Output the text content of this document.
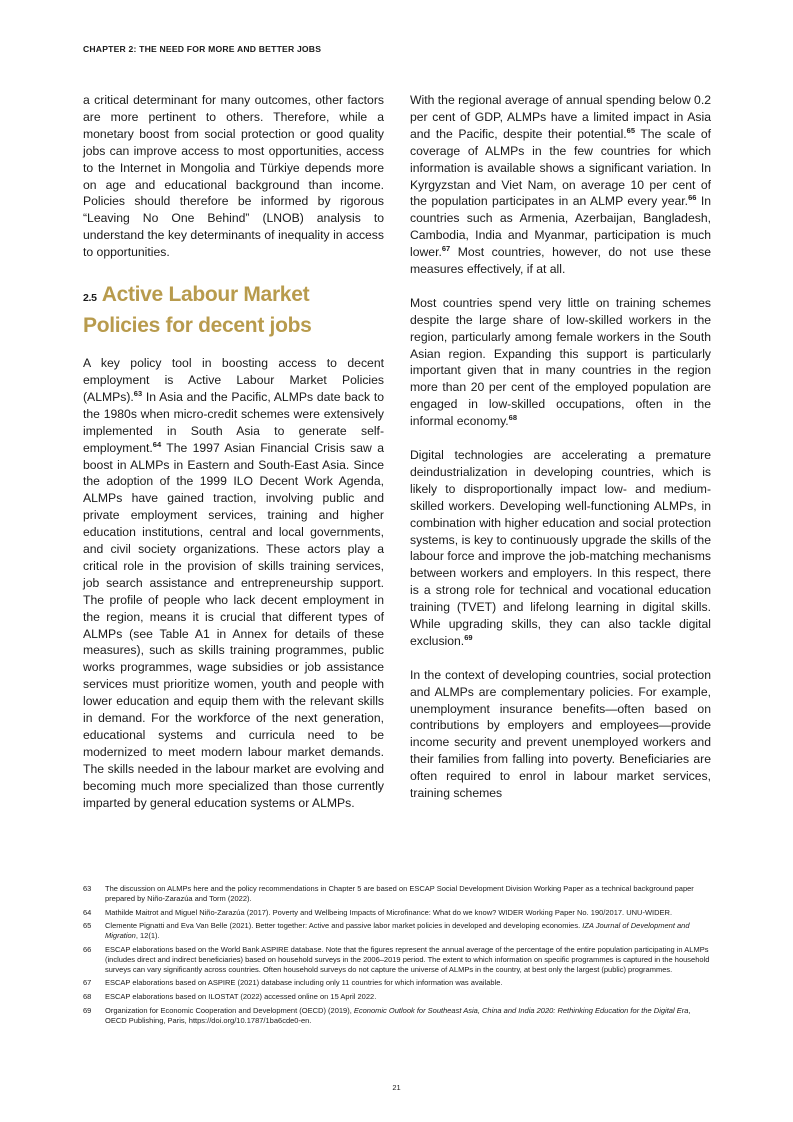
CHAPTER 2: THE NEED FOR MORE AND BETTER JOBS

a critical determinant for many outcomes, other factors are more pertinent to others. Therefore, while a monetary boost from social protection or good quality jobs can improve access to most opportunities, access to the Internet in Mongolia and Türkiye depends more on age and educational background than income. Policies should therefore be informed by rigorous “Leaving No One Behind” (LNOB) analysis to understand the key determinants of inequality in access to opportunities.

2.5 Active Labour Market
Policies for decent jobs

A key policy tool in boosting access to decent employment is Active Labour Market Policies (ALMPs).$^{63}$ In Asia and the Pacific, ALMPs date back to the 1980s when micro-credit schemes were extensively implemented in South Asia to generate self-employment.$^{64}$ The 1997 Asian Financial Crisis saw a boost in ALMPs in Eastern and South-East Asia. Since the adoption of the 1999 ILO Decent Work Agenda, ALMPs have gained traction, involving public and private employment services, training and higher education institutions, central and local governments, and civil society organizations. These actors play a critical role in the provision of skills training services, job search assistance and entrepreneurship support. The profile of people who lack decent employment in the region, means it is crucial that different types of ALMPs (see Table A1 in Annex for details of these measures), such as skills training programmes, public works programmes, wage subsidies or job assistance services must prioritize women, youth and people with lower education and equip them with the relevant skills in demand. For the workforce of the next generation, educational systems and curricula need to be modernized to meet modern labour market demands. The skills needed in the labour market are evolving and becoming much more specialized than those currently imparted by general education systems or ALMPs.

With the regional average of annual spending below 0.2 per cent of GDP, ALMPs have a limited impact in Asia and the Pacific, despite their potential.$^{65}$ The scale of coverage of ALMPs in the few countries for which information is available shows a significant variation. In Kyrgyzstan and Viet Nam, on average 10 per cent of the population participates in an ALMP every year.$^{66}$ In countries such as Armenia, Azerbaijan, Bangladesh, Cambodia, India and Myanmar, participation is much lower.$^{67}$ Most countries, however, do not use these measures effectively, if at all.

Most countries spend very little on training schemes despite the large share of low-skilled workers in the region, particularly among female workers in the South Asian region. Expanding this support is particularly important given that in many countries in the region more than 20 per cent of the employed population are engaged in low-skilled occupations, often in the informal economy.$^{68}$

Digital technologies are accelerating a premature deindustrialization in developing countries, which is likely to disproportionally impact low- and medium-skilled workers. Developing well-functioning ALMPs, in combination with higher education and social protection systems, is key to continuously upgrade the skills of the labour force and improve the job-matching mechanisms between workers and employers. In this respect, there is a strong role for technical and vocational education training (TVET) and lifelong learning in digital skills. While upgrading skills, they can also tackle digital exclusion.$^{69}$

In the context of developing countries, social protection and ALMPs are complementary policies. For example, unemployment insurance benefits—often based on contributions by employers and employees—provide income security and prevent unemployed workers and their families from falling into poverty. Beneficiaries are often required to enrol in labour market services, training schemes

63	The discussion on ALMPs here and the policy recommendations in Chapter 5 are based on ESCAP Social Development Division Working Paper as a technical background paper prepared by Niño-Zarazúa and Torm (2022).
64	Mathilde Maitrot and Miguel Niño-Zarazúa (2017). Poverty and Wellbeing Impacts of Microfinance: What do we know? WIDER Working Paper No. 190/2017. UNU-WIDER.
65	Clemente Pignatti and Eva Van Belle (2021). Better together: Active and passive labor market policies in developed and developing economies. IZA Journal of Development and Migration, 12(1).
66	ESCAP elaborations based on the World Bank ASPIRE database. Note that the figures represent the annual average of the percentage of the entire population participating in ALMPs (includes direct and indirect beneficiaries) based on household surveys in the 2006–2019 period. The extent to which information on specific programmes is captured in the household surveys can vary significantly across countries. Often household surveys do not capture the universe of ALMPs in the country, at best only the largest (public) programmes.
67	ESCAP elaborations based on ASPIRE (2021) database including only 11 countries for which information was available.
68	ESCAP elaborations based on ILOSTAT (2022) accessed online on 15 April 2022.
69	Organization for Economic Cooperation and Development (OECD) (2019), Economic Outlook for Southeast Asia, China and India 2020: Rethinking Education for the Digital Era, OECD Publishing, Paris, https://doi.org/10.1787/1ba6cde0-en.
21
